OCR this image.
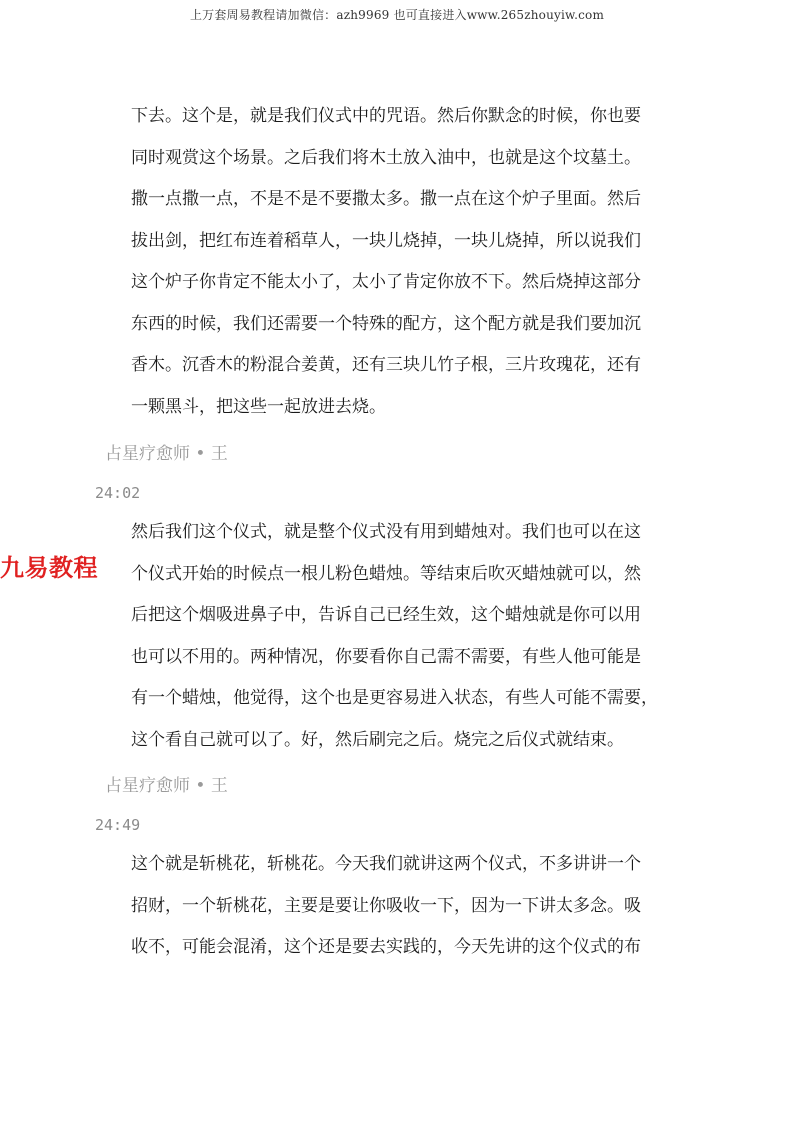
上万套周易教程请加微信：azh9969 也可直接进入www.265zhouyiw.com
九易教程
下去。这个是，就是我们仪式中的咒语。然后你默念的时候，你也要
同时观赏这个场景。之后我们将木土放入油中，也就是这个坟墓土。
撒一点撒一点，不是不是不要撒太多。撒一点在这个炉子里面。然后
拔出剑，把红布连着稻草人，一块儿烧掉，一块儿烧掉，所以说我们
这个炉子你肯定不能太小了，太小了肯定你放不下。然后烧掉这部分
东西的时候，我们还需要一个特殊的配方，这个配方就是我们要加沉
香木。沉香木的粉混合姜黄，还有三块儿竹子根，三片玫瑰花，还有
一颗黑斗，把这些一起放进去烧。
占星疗愈师 • 王
24:02
然后我们这个仪式，就是整个仪式没有用到蜡烛对。我们也可以在这
个仪式开始的时候点一根儿粉色蜡烛。等结束后吹灭蜡烛就可以，然
后把这个烟吸进鼻子中，告诉自己已经生效，这个蜡烛就是你可以用
也可以不用的。两种情况，你要看你自己需不需要，有些人他可能是
有一个蜡烛，他觉得，这个也是更容易进入状态，有些人可能不需要，
这个看自己就可以了。好，然后刷完之后。烧完之后仪式就结束。
占星疗愈师 • 王
24:49
这个就是斩桃花，斩桃花。今天我们就讲这两个仪式，不多讲讲一个
招财，一个斩桃花，主要是要让你吸收一下，因为一下讲太多念。吸
收不，可能会混淆，这个还是要去实践的，今天先讲的这个仪式的布
